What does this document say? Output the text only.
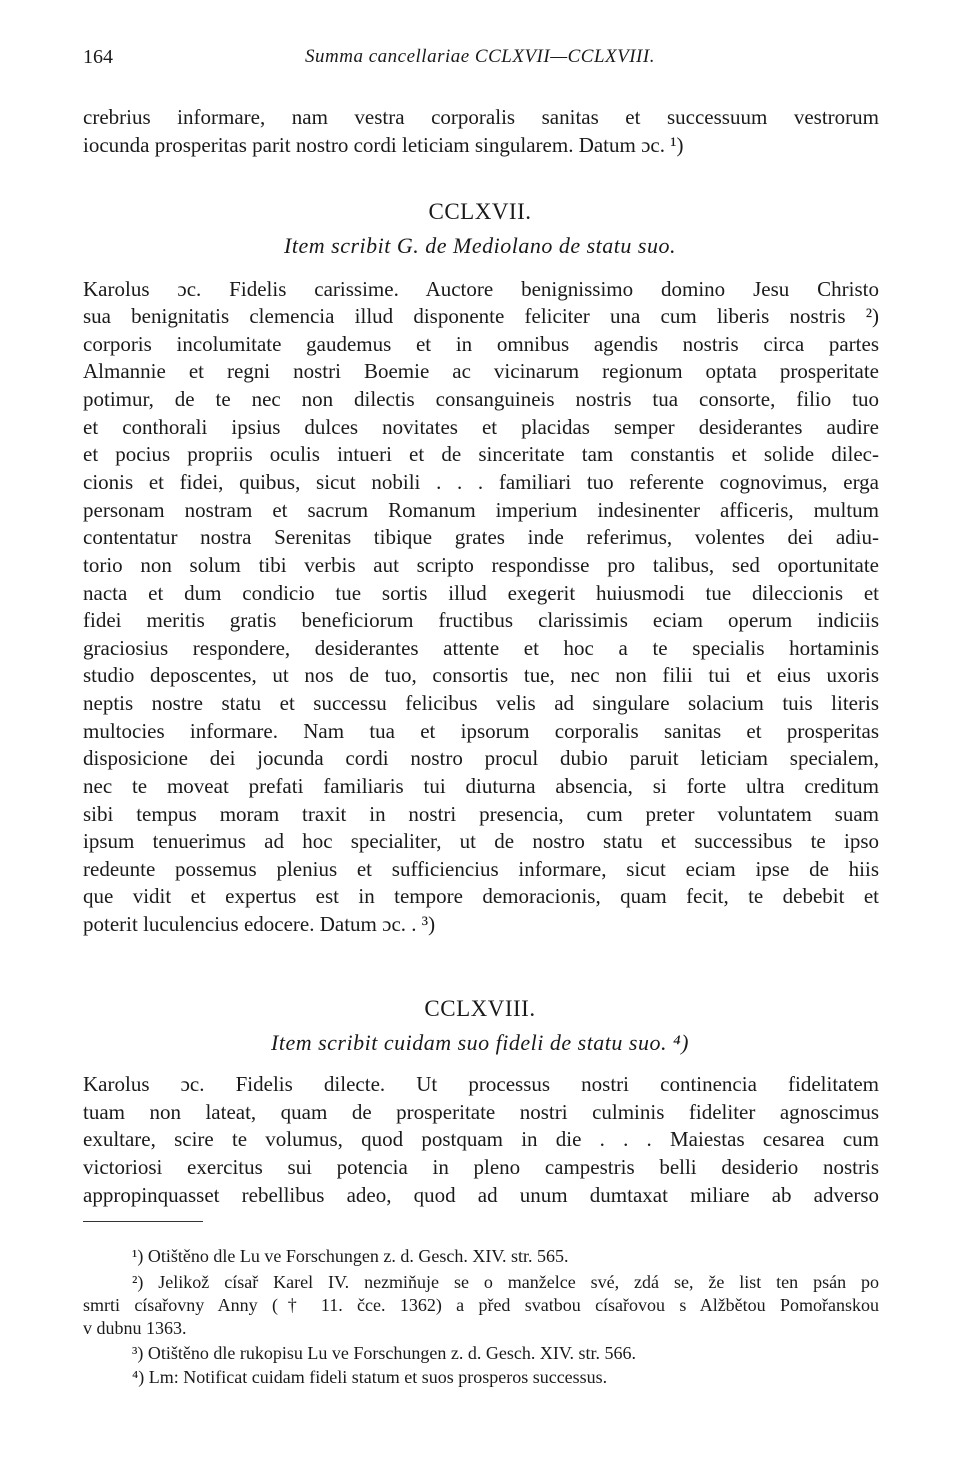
164	Summa cancellariae CCLXVII—CCLXVIII.
crebrius informare, nam vestra corporalis sanitas et successuum vestrorum
iocunda prosperitas parit nostro cordi leticiam singularem. Datum ɔc. ¹)
CCLXVII.
Item scribit G. de Mediolano de statu suo.
Karolus ɔc. Fidelis carissime. Auctore benignissimo domino Jesu Christo
sua benignitatis clemencia illud disponente feliciter una cum liberis nostris ²)
corporis incolumitate gaudemus et in omnibus agendis nostris circa partes
Almannie et regni nostri Boemie ac vicinarum regionum optata prosperitate
potimur, de te nec non dilectis consanguineis nostris tua consorte, filio tuo
et conthorali ipsius dulces novitates et placidas semper desiderantes audire
et pocius propriis oculis intueri et de sinceritate tam constantis et solide dilec-
cionis et fidei, quibus, sicut nobili . . . familiari tuo referente cognovimus, erga
personam nostram et sacrum Romanum imperium indesinenter afficeris, multum
contentatur nostra Serenitas tibique grates inde referimus, volentes dei adiu-
torio non solum tibi verbis aut scripto respondisse pro talibus, sed oportunitate
nacta et dum condicio tue sortis illud exegerit huiusmodi tue dileccionis et
fidei meritis gratis beneficiorum fructibus clarissimis eciam operum indiciis
graciosius respondere, desiderantes attente et hoc a te specialis hortaminis
studio deposcentes, ut nos de tuo, consortis tue, nec non filii tui et eius uxoris
neptis nostre statu et successu felicibus velis ad singulare solacium tuis literis
multocies informare. Nam tua et ipsorum corporalis sanitas et prosperitas
disposicione dei jocunda cordi nostro procul dubio paruit leticiam specialem,
nec te moveat prefati familiaris tui diuturna absencia, si forte ultra creditum
sibi tempus moram traxit in nostri presencia, cum preter voluntatem suam
ipsum tenuerimus ad hoc specialiter, ut de nostro statu et successibus te ipso
redeunte possemus plenius et sufficiencius informare, sicut eciam ipse de hiis
que vidit et expertus est in tempore demoracionis, quam fecit, te debebit et
poterit luculencius edocere. Datum ɔc. . ³)
CCLXVIII.
Item scribit cuidam suo fideli de statu suo. ⁴)
Karolus ɔc. Fidelis dilecte. Ut processus nostri continencia fidelitatem
tuam non lateat, quam de prosperitate nostri culminis fideliter agnoscimus
exultare, scire te volumus, quod postquam in die . . . Maiestas cesarea cum
victoriosi exercitus sui potencia in pleno campestris belli desiderio nostris
appropinquasset rebellibus adeo, quod ad unum dumtaxat miliare ab adverso
¹) Otištěno dle Lu ve Forschungen z. d. Gesch. XIV. str. 565.
²) Jelikož císař Karel IV. nezmiňuje se o manželce své, zdá se, že list ten psán po
smrti císařovny Anny († 11. čce. 1362) a před svatbou císařovou s Alžbětou Pomořanskou
v dubnu 1363.
³) Otištěno dle rukopisu Lu ve Forschungen z. d. Gesch. XIV. str. 566.
⁴) Lm: Notificat cuidam fideli statum et suos prosperos successus.
